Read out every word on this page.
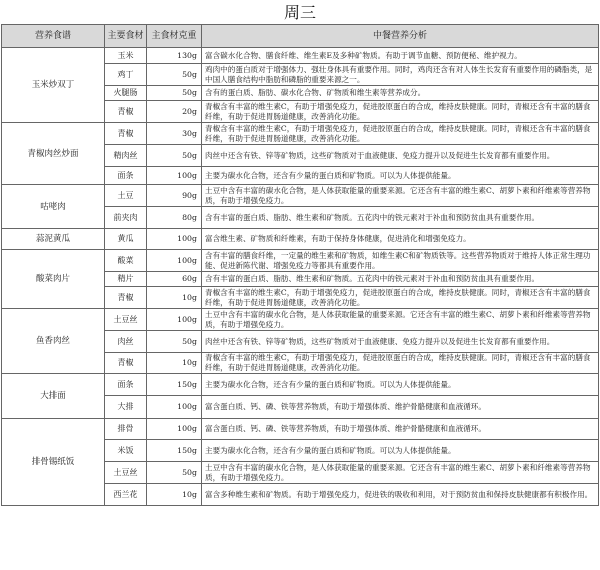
周三
营养食谱	主要食材	主食材克重	中餐营养分析
玉米炒双丁	玉米	130g	富含碳水化合物、膳食纤维、维生素E及多种矿物质。有助于调节血糖、预防便秘、维护视力。
	鸡丁	50g	鸡肉中的蛋白质对于增强体力、强壮身体具有重要作用。同时，鸡肉还含有对人体生长发育有重要作用的磷脂类，是中国人膳食结构中脂肪和磷脂的重要来源之一。
	火腿肠	50g	含有的蛋白质、脂肪、碳水化合物、矿物质和维生素等营养成分。
	青椒	20g	青椒含有丰富的维生素C，有助于增强免疫力，促进胶原蛋白的合成，维持皮肤健康。同时，青椒还含有丰富的膳食纤维，有助于促进胃肠道健康，改善消化功能。
青椒肉丝炒面	青椒	30g	青椒含有丰富的维生素C，有助于增强免疫力，促进胶原蛋白的合成，维持皮肤健康。同时，青椒还含有丰富的膳食纤维，有助于促进胃肠道健康，改善消化功能。
	精肉丝	50g	肉丝中还含有铁、锌等矿物质，这些矿物质对于血液健康、免疫力提升以及促进生长发育都有重要作用。
	面条	100g	主要为碳水化合物，还含有少量的蛋白质和矿物质。可以为人体提供能量。
咕咾肉	土豆	90g	土豆中含有丰富的碳水化合物，是人体获取能量的重要来源。它还含有丰富的维生素C、胡萝卜素和纤维素等营养物质，有助于增强免疫力。
	前夹肉	80g	含有丰富的蛋白质、脂肪、维生素和矿物质。五花肉中的铁元素对于补血和预防贫血具有重要作用。
蒜泥黄瓜	黄瓜	100g	富含维生素、矿物质和纤维素，有助于保持身体健康，促进消化和增强免疫力。
酸菜肉片	酸菜	100g	含有丰富的膳食纤维，一定量的维生素和矿物质，如维生素C和矿物质铁等。这些营养物质对于维持人体正常生理功能、促进新陈代谢、增强免疫力等都具有重要作用。
	精片	60g	含有丰富的蛋白质、脂肪、维生素和矿物质。五花肉中的铁元素对于补血和预防贫血具有重要作用。
	青椒	10g	青椒含有丰富的维生素C，有助于增强免疫力，促进胶原蛋白的合成，维持皮肤健康。同时，青椒还含有丰富的膳食纤维，有助于促进胃肠道健康，改善消化功能。
鱼香肉丝	土豆丝	100g	土豆中含有丰富的碳水化合物，是人体获取能量的重要来源。它还含有丰富的维生素C、胡萝卜素和纤维素等营养物质，有助于增强免疫力。
	肉丝	50g	肉丝中还含有铁、锌等矿物质，这些矿物质对于血液健康、免疫力提升以及促进生长发育都有重要作用。
	青椒	10g	青椒含有丰富的维生素C，有助于增强免疫力，促进胶原蛋白的合成，维持皮肤健康。同时，青椒还含有丰富的膳食纤维，有助于促进胃肠道健康，改善消化功能。
大排面	面条	150g	主要为碳水化合物，还含有少量的蛋白质和矿物质。可以为人体提供能量。
	大排	100g	富含蛋白质、钙、磷、铁等营养物质，有助于增强体质、维护骨骼健康和血液循环。
排骨锡纸饭	排骨	100g	富含蛋白质、钙、磷、铁等营养物质，有助于增强体质、维护骨骼健康和血液循环。
	米饭	150g	主要为碳水化合物，还含有少量的蛋白质和矿物质。可以为人体提供能量。
	土豆丝	50g	土豆中含有丰富的碳水化合物，是人体获取能量的重要来源。它还含有丰富的维生素C、胡萝卜素和纤维素等营养物质，有助于增强免疫力。
	西兰花	10g	富含多种维生素和矿物质。有助于增强免疫力，促进铁的吸收和利用，对于预防贫血和保持皮肤健康都有积极作用。
